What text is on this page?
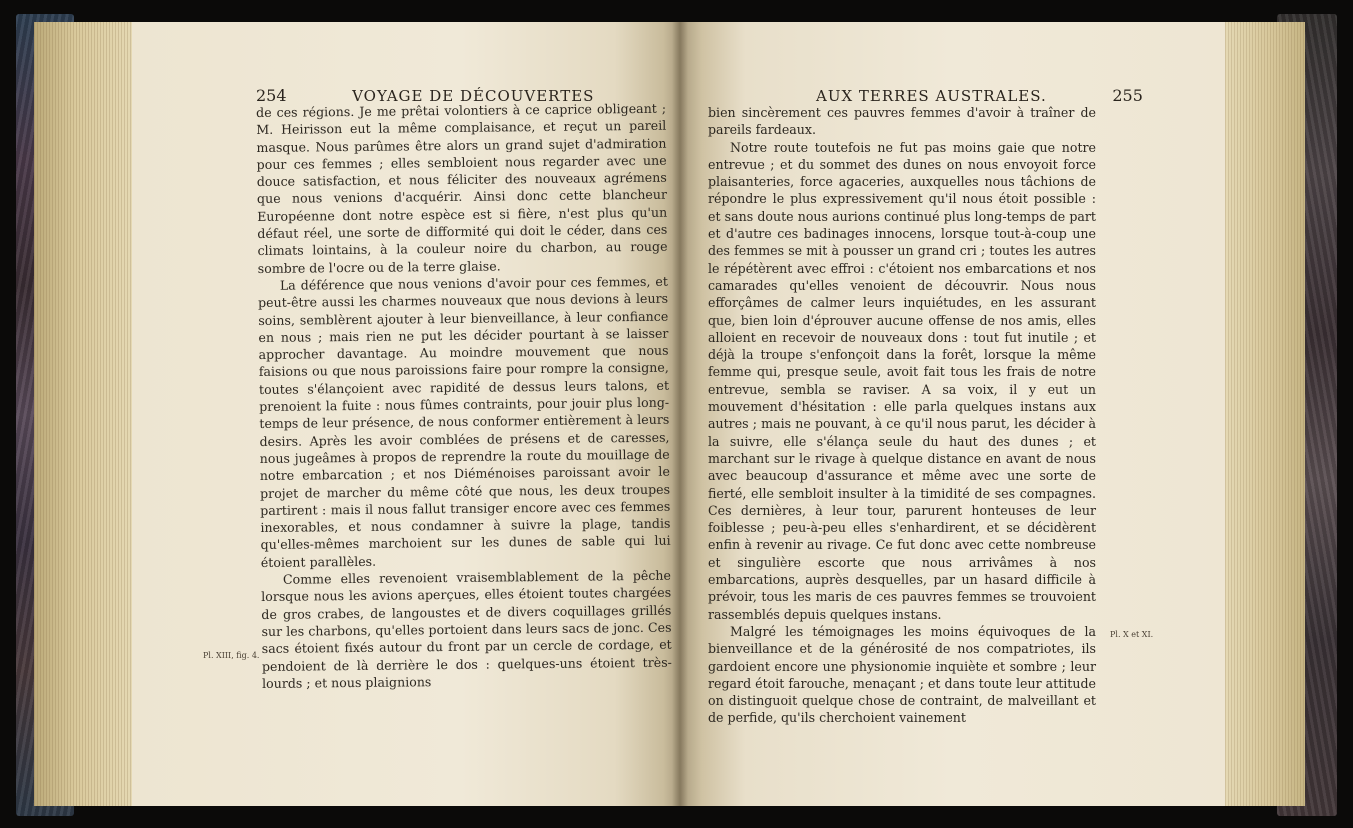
254	VOYAGE DE DÉCOUVERTES	AUX TERRES AUSTRALES.	255

de ces régions. Je me prêtai volontiers à ce caprice obligeant ; M. Heirisson eut la même complaisance, et reçut un pareil masque. Nous parûmes être alors un grand sujet d'admiration pour ces femmes ; elles sembloient nous regarder avec une douce satisfaction, et nous féliciter des nouveaux agrémens que nous venions d'acquérir. Ainsi donc cette blancheur Européenne dont notre espèce est si fière, n'est plus qu'un défaut réel, une sorte de difformité qui doit le céder, dans ces climats lointains, à la couleur noire du charbon, au rouge sombre de l'ocre ou de la terre glaise.

La déférence que nous venions d'avoir pour ces femmes, et peut-être aussi les charmes nouveaux que nous devions à leurs soins, semblèrent ajouter à leur bienveillance, à leur confiance en nous ; mais rien ne put les décider pourtant à se laisser approcher davantage. Au moindre mouvement que nous faisions ou que nous paroissions faire pour rompre la consigne, toutes s'élançoient avec rapidité de dessus leurs talons, et prenoient la fuite : nous fûmes contraints, pour jouir plus long-temps de leur présence, de nous conformer entièrement à leurs desirs. Après les avoir comblées de présens et de caresses, nous jugeâmes à propos de reprendre la route du mouillage de notre embarcation ; et nos Diéménoises paroissant avoir le projet de marcher du même côté que nous, les deux troupes partirent : mais il nous fallut transiger encore avec ces femmes inexorables, et nous condamner à suivre la plage, tandis qu'elles-mêmes marchoient sur les dunes de sable qui lui étoient parallèles.

Comme elles revenoient vraisemblablement de la pêche lorsque nous les avions aperçues, elles étoient toutes chargées de gros crabes, de langoustes et de divers coquillages grillés sur les charbons, qu'elles portoient dans leurs sacs de jonc. Ces sacs étoient fixés autour du front par un cercle de cordage, et pendoient de là derrière le dos : quelques-uns étoient très-lourds ; et nous plaignions

bien sincèrement ces pauvres femmes d'avoir à traîner de pareils fardeaux.

Notre route toutefois ne fut pas moins gaie que notre entrevue ; et du sommet des dunes on nous envoyoit force plaisanteries, force agaceries, auxquelles nous tâchions de répondre le plus expressivement qu'il nous étoit possible : et sans doute nous aurions continué plus long-temps de part et d'autre ces badinages innocens, lorsque tout-à-coup une des femmes se mit à pousser un grand cri ; toutes les autres le répétèrent avec effroi : c'étoient nos embarcations et nos camarades qu'elles venoient de découvrir. Nous nous efforçâmes de calmer leurs inquiétudes, en les assurant que, bien loin d'éprouver aucune offense de nos amis, elles alloient en recevoir de nouveaux dons : tout fut inutile ; et déjà la troupe s'enfonçoit dans la forêt, lorsque la même femme qui, presque seule, avoit fait tous les frais de notre entrevue, sembla se raviser. A sa voix, il y eut un mouvement d'hésitation : elle parla quelques instans aux autres ; mais ne pouvant, à ce qu'il nous parut, les décider à la suivre, elle s'élança seule du haut des dunes ; et marchant sur le rivage à quelque distance en avant de nous avec beaucoup d'assurance et même avec une sorte de fierté, elle sembloit insulter à la timidité de ses compagnes. Ces dernières, à leur tour, parurent honteuses de leur foiblesse ; peu-à-peu elles s'enhardirent, et se décidèrent enfin à revenir au rivage. Ce fut donc avec cette nombreuse et singulière escorte que nous arrivâmes à nos embarcations, auprès desquelles, par un hasard difficile à prévoir, tous les maris de ces pauvres femmes se trouvoient rassemblés depuis quelques instans.

Malgré les témoignages les moins équivoques de la bienveillance et de la générosité de nos compatriotes, ils gardoient encore une physionomie inquiète et sombre ; leur regard étoit farouche, menaçant ; et dans toute leur attitude on distinguoit quelque chose de contraint, de malveillant et de perfide, qu'ils cherchoient vainement

Pl. XIII, fig. 4.
Pl. X et XI.
